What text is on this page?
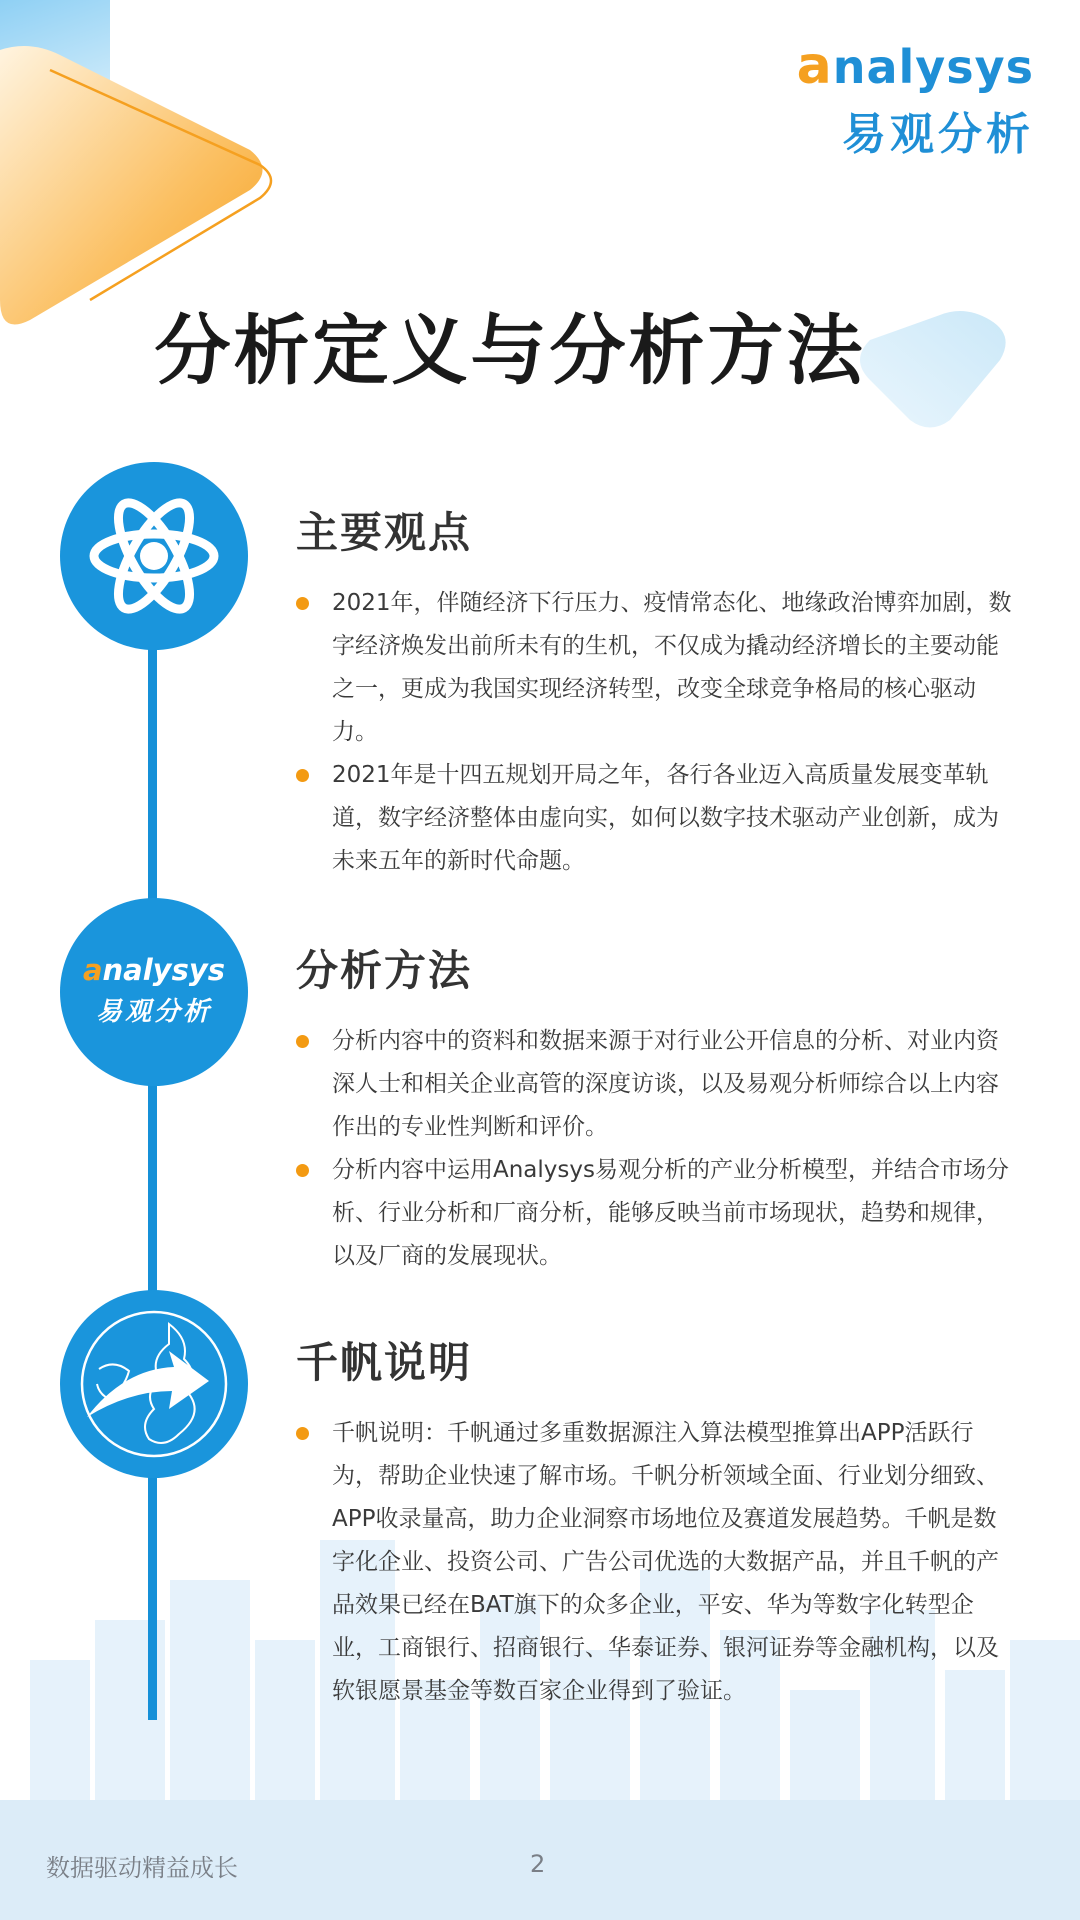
analysys
易观分析
分析定义与分析方法
analysys
易观分析
主要观点
2021年，伴随经济下行压力、疫情常态化、地缘政治博弈加剧，数字经济焕发出前所未有的生机，不仅成为撬动经济增长的主要动能之一，更成为我国实现经济转型，改变全球竞争格局的核心驱动力。
2021年是十四五规划开局之年，各行各业迈入高质量发展变革轨道，数字经济整体由虚向实，如何以数字技术驱动产业创新，成为未来五年的新时代命题。
分析方法
分析内容中的资料和数据来源于对行业公开信息的分析、对业内资深人士和相关企业高管的深度访谈，以及易观分析师综合以上内容作出的专业性判断和评价。
分析内容中运用Analysys易观分析的产业分析模型，并结合市场分析、行业分析和厂商分析，能够反映当前市场现状，趋势和规律，以及厂商的发展现状。
千帆说明
千帆说明：千帆通过多重数据源注入算法模型推算出APP活跃行为，帮助企业快速了解市场。千帆分析领域全面、行业划分细致、APP收录量高，助力企业洞察市场地位及赛道发展趋势。千帆是数字化企业、投资公司、广告公司优选的大数据产品，并且千帆的产品效果已经在BAT旗下的众多企业，平安、华为等数字化转型企业，工商银行、招商银行、华泰证券、银河证券等金融机构，以及软银愿景基金等数百家企业得到了验证。
数据驱动精益成长	2
